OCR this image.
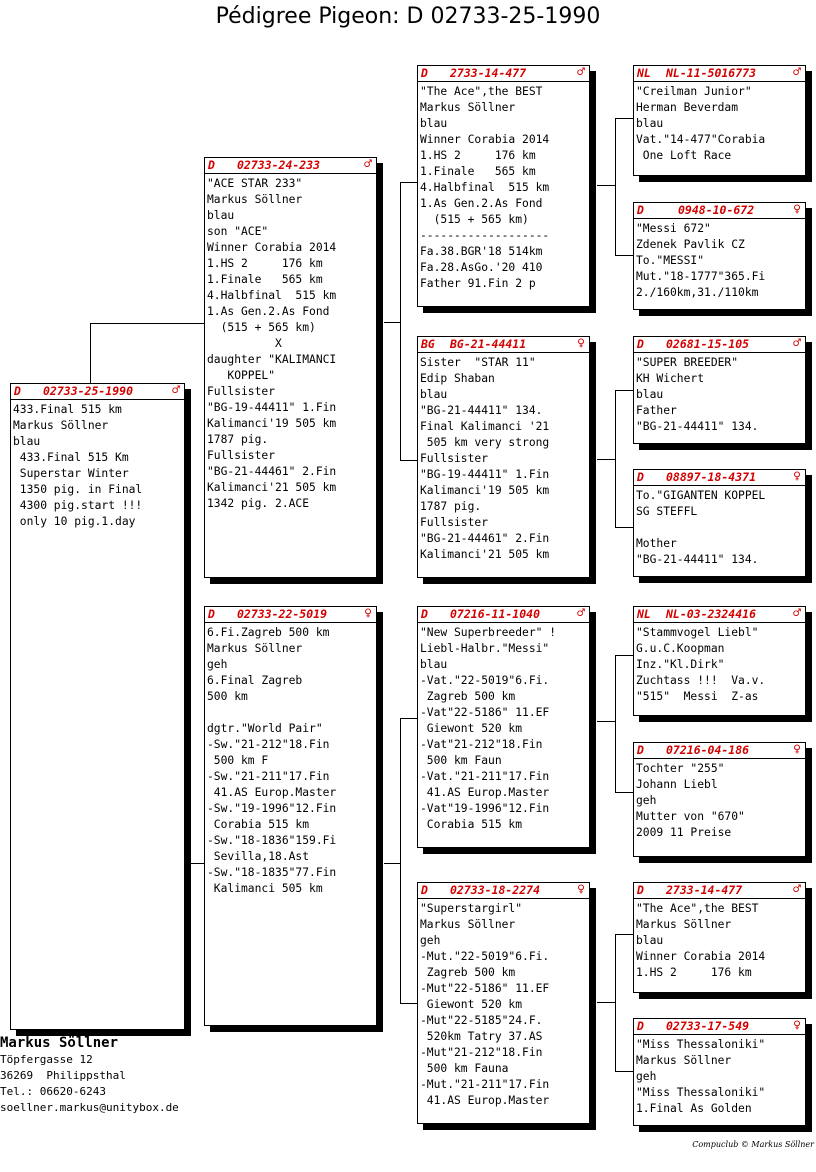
Pédigree Pigeon: D 02733-25-1990
D 02733-25-1990	♂
433.Final 515 km
Markus Söllner
blau
433.Final 515 Km
Superstar Winter
1350 pig. in Final
4300 pig.start !!!
only 10 pig.1.day
D 02733-24-233	♂
"ACE STAR 233"
Markus Söllner
blau
son "ACE"
Winner Corabia 2014
1.HS 2     176 km
1.Finale   565 km
4.Halbfinal  515 km
1.As Gen.2.As Fond
(515 + 565 km)
X
daughter "KALIMANCI
KOPPEL"
Fullsister
"BG-19-44411" 1.Fin
Kalimanci'19 505 km
1787 pig.
Fullsister
"BG-21-44461" 2.Fin
Kalimanci'21 505 km
1342 pig. 2.ACE
D 02733-22-5019	♀
6.Fi.Zagreb 500 km
Markus Söllner
geh
6.Final Zagreb
500 km
dgtr."World Pair"
-Sw."21-212"18.Fin
500 km F
-Sw."21-211"17.Fin
41.AS Europ.Master
-Sw."19-1996"12.Fin
Corabia 515 km
-Sw."18-1836"159.Fi
Sevilla,18.Ast
-Sw."18-1835"77.Fin
Kalimanci 505 km
D 2733-14-477	♂
"The Ace",the BEST
Markus Söllner
blau
Winner Corabia 2014
1.HS 2     176 km
1.Finale   565 km
4.Halbfinal  515 km
1.As Gen.2.As Fond
(515 + 565 km)
-------------------
Fa.38.BGR'18 514km
Fa.28.AsGo.'20 410
Father 91.Fin 2 p
BG BG-21-44411	♀
Sister  "STAR 11"
Edip Shaban
blau
"BG-21-44411" 134.
Final Kalimanci '21
505 km very strong
Fullsister
"BG-19-44411" 1.Fin
Kalimanci'19 505 km
1787 pig.
Fullsister
"BG-21-44461" 2.Fin
Kalimanci'21 505 km
D 07216-11-1040	♂
"New Superbreeder" !
Liebl-Halbr."Messi"
blau
-Vat."22-5019"6.Fi.
Zagreb 500 km
-Vat"22-5186" 11.EF
Giewont 520 km
-Vat"21-212"18.Fin
500 km Faun
-Vat."21-211"17.Fin
41.AS Europ.Master
-Vat"19-1996"12.Fin
Corabia 515 km
D 02733-18-2274	♀
"Superstargirl"
Markus Söllner
geh
-Mut."22-5019"6.Fi.
Zagreb 500 km
-Mut"22-5186" 11.EF
Giewont 520 km
-Mut"22-5185"24.F.
520km Tatry 37.AS
-Mut"21-212"18.Fin
500 km Fauna
-Mut."21-211"17.Fin
41.AS Europ.Master
NL NL-11-5016773	♂
"Creilman Junior"
Herman Beverdam
blau
Vat."14-477"Corabia
One Loft Race
D	0948-10-672	♀
"Messi 672"
Zdenek Pavlik CZ
To."MESSI"
Mut."18-1777"365.Fi
2./160km,31./110km
D 02681-15-105	♂
"SUPER BREEDER"
KH Wichert
blau
Father
"BG-21-44411" 134.
D 08897-18-4371	♀
To."GIGANTEN KOPPEL
SG STEFFL
Mother
"BG-21-44411" 134.
NL NL-03-2324416	♂
"Stammvogel Liebl"
G.u.C.Koopman
Inz."Kl.Dirk"
Zuchtass !!!  Va.v.
"515"  Messi  Z-as
D 07216-04-186	♀
Tochter "255"
Johann Liebl
geh
Mutter von "670"
2009 11 Preise
D 2733-14-477	♂
"The Ace",the BEST
Markus Söllner
blau
Winner Corabia 2014
1.HS 2     176 km
D 02733-17-549	♀
"Miss Thessaloniki"
Markus Söllner
geh
"Miss Thessaloniki"
1.Final As Golden
Markus Söllner
Töpfergasse 12
36269  Philippsthal
Tel.: 06620-6243
soellner.markus@unitybox.de
Compuclub © Markus Söllner
